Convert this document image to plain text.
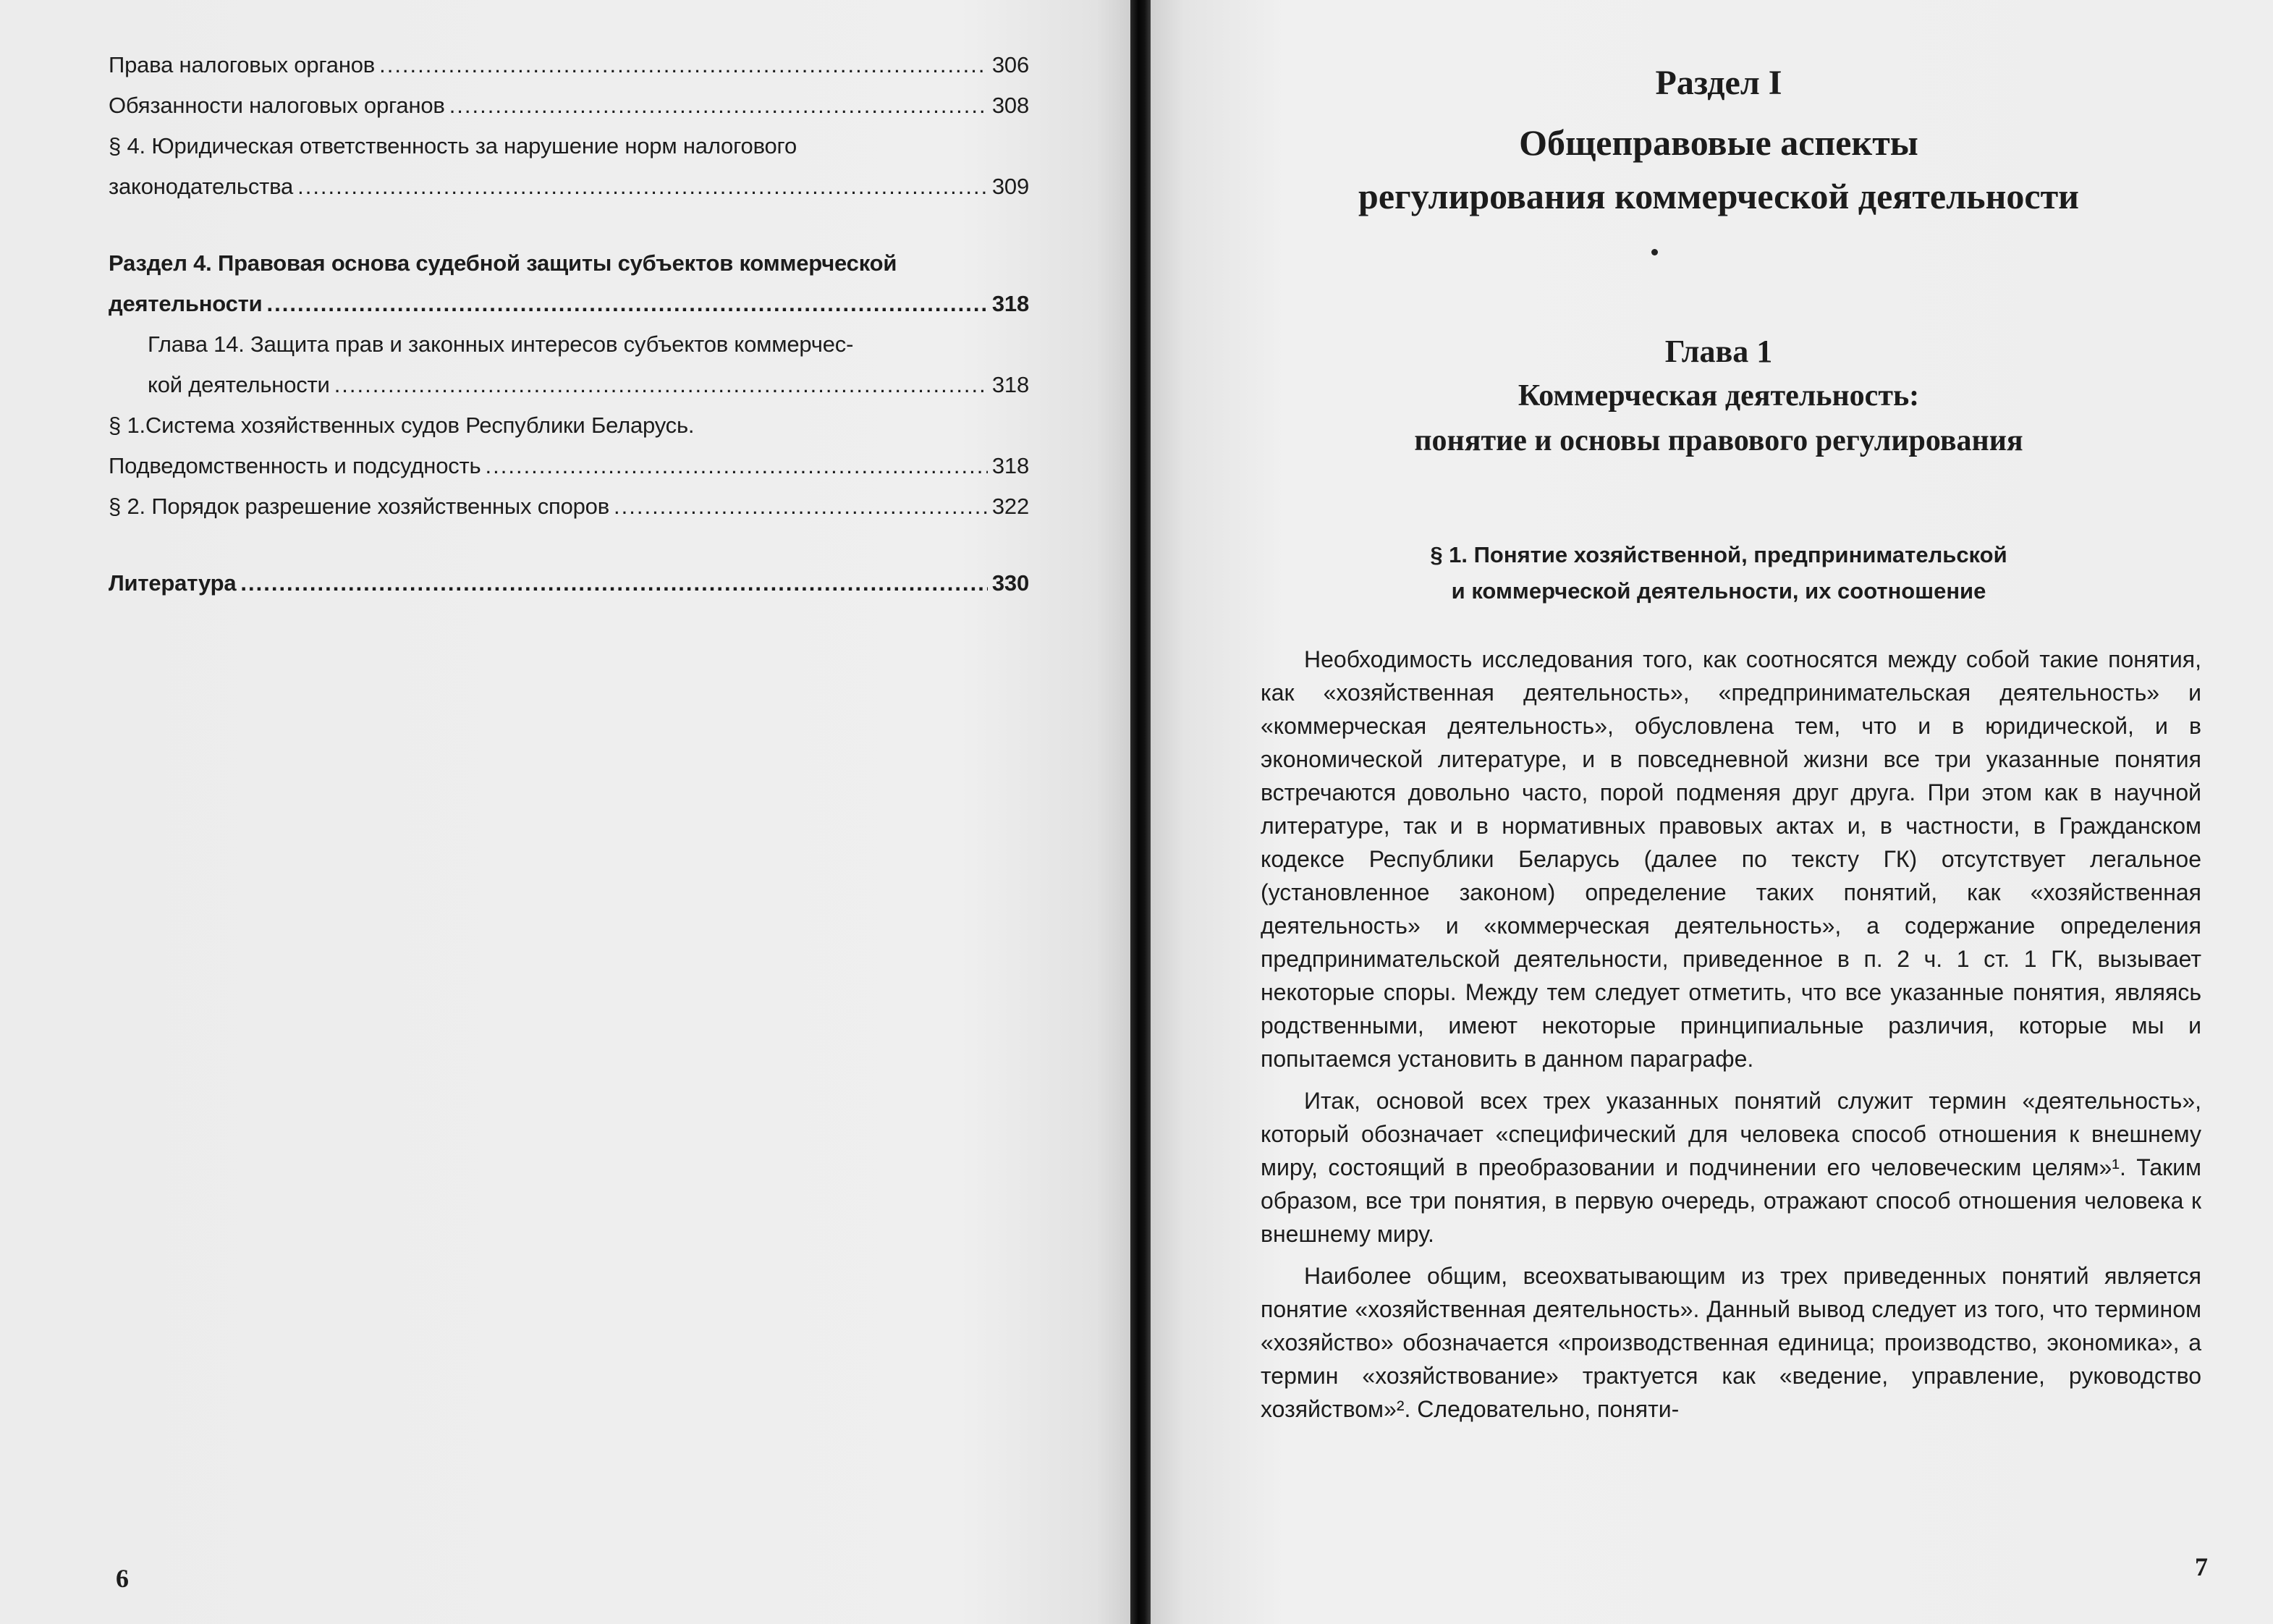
Права налоговых органов .....	306
Обязанности налоговых органов .....	308
§ 4. Юридическая ответственность за нарушение норм налогового
законодательства .....	309
Раздел 4. Правовая основа судебной защиты субъектов коммерческой
деятельности .....	318
Глава 14. Защита прав и законных интересов субъектов коммерчес-
кой деятельности .....	318
§ 1.Система хозяйственных судов Республики Беларусь.
Подведомственность и подсудность .....	318
§ 2. Порядок разрешение хозяйственных споров .....	322
Литература .....	330
6
Раздел I
Общеправовые аспекты
регулирования коммерческой деятельности
Глава 1
Коммерческая деятельность:
понятие и основы правового регулирования
§ 1. Понятие хозяйственной, предпринимательской
и коммерческой деятельности, их соотношение

Необходимость исследования того, как соотносятся между собой такие понятия, как «хозяйственная деятельность», «предпринимательская деятельность» и «коммерческая деятельность», обусловлена тем, что и в юридической, и в экономической литературе, и в повседневной жизни все три указанные понятия встречаются довольно часто, порой подменяя друг друга. При этом как в научной литературе, так и в нормативных правовых актах и, в частности, в Гражданском кодексе Республики Беларусь (далее по тексту ГК) отсутствует легальное (установленное законом) определение таких понятий, как «хозяйственная деятельность» и «коммерческая деятельность», а содержание определения предпринимательской деятельности, приведенное в п. 2 ч. 1 ст. 1 ГК, вызывает некоторые споры. Между тем следует отметить, что все указанные понятия, являясь родственными, имеют некоторые принципиальные различия, которые мы и попытаемся установить в данном параграфе.

Итак, основой всех трех указанных понятий служит термин «деятельность», который обозначает «специфический для человека способ отношения к внешнему миру, состоящий в преобразовании и подчинении его человеческим целям»¹. Таким образом, все три понятия, в первую очередь, отражают способ отношения человека к внешнему миру.

Наиболее общим, всеохватывающим из трех приведенных понятий является понятие «хозяйственная деятельность». Данный вывод следует из того, что термином «хозяйство» обозначается «производственная единица; производство, экономика», а термин «хозяйствование» трактуется как «ведение, управление, руководство хозяйством»². Следовательно, поняти-

7
